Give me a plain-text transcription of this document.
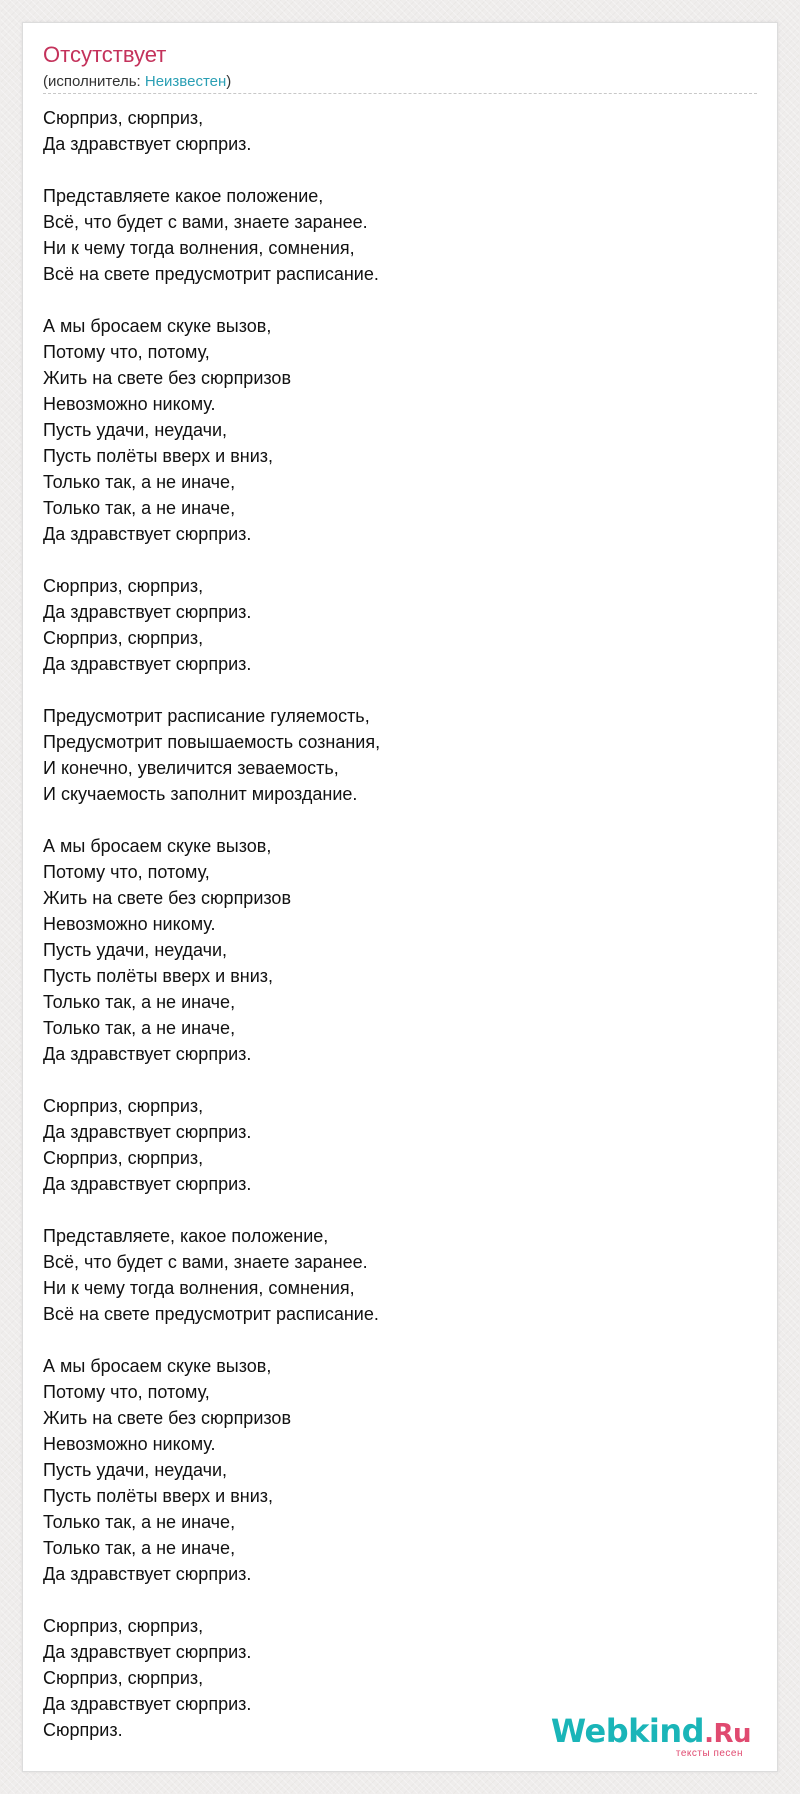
Отсутствует
(исполнитель: Неизвестен)
Сюрприз, сюрприз,
Да здравствует сюрприз.
Представляете какое положение,
Всё, что будет с вами, знаете заранее.
Ни к чему тогда волнения, сомнения,
Всё на свете предусмотрит расписание.
А мы бросаем скуке вызов,
Потому что, потому,
Жить на свете без сюрпризов
Невозможно никому.
Пусть удачи, неудачи,
Пусть полёты вверх и вниз,
Только так, а не иначе,
Только так, а не иначе,
Да здравствует сюрприз.
Сюрприз, сюрприз,
Да здравствует сюрприз.
Сюрприз, сюрприз,
Да здравствует сюрприз.
Предусмотрит расписание гуляемость,
Предусмотрит повышаемость сознания,
И конечно, увеличится зеваемость,
И скучаемость заполнит мироздание.
А мы бросаем скуке вызов,
Потому что, потому,
Жить на свете без сюрпризов
Невозможно никому.
Пусть удачи, неудачи,
Пусть полёты вверх и вниз,
Только так, а не иначе,
Только так, а не иначе,
Да здравствует сюрприз.
Сюрприз, сюрприз,
Да здравствует сюрприз.
Сюрприз, сюрприз,
Да здравствует сюрприз.
Представляете, какое положение,
Всё, что будет с вами, знаете заранее.
Ни к чему тогда волнения, сомнения,
Всё на свете предусмотрит расписание.
А мы бросаем скуке вызов,
Потому что, потому,
Жить на свете без сюрпризов
Невозможно никому.
Пусть удачи, неудачи,
Пусть полёты вверх и вниз,
Только так, а не иначе,
Только так, а не иначе,
Да здравствует сюрприз.
Сюрприз, сюрприз,
Да здравствует сюрприз.
Сюрприз, сюрприз,
Да здравствует сюрприз.
Сюрприз.	Webkind.Ru
тексты песен
